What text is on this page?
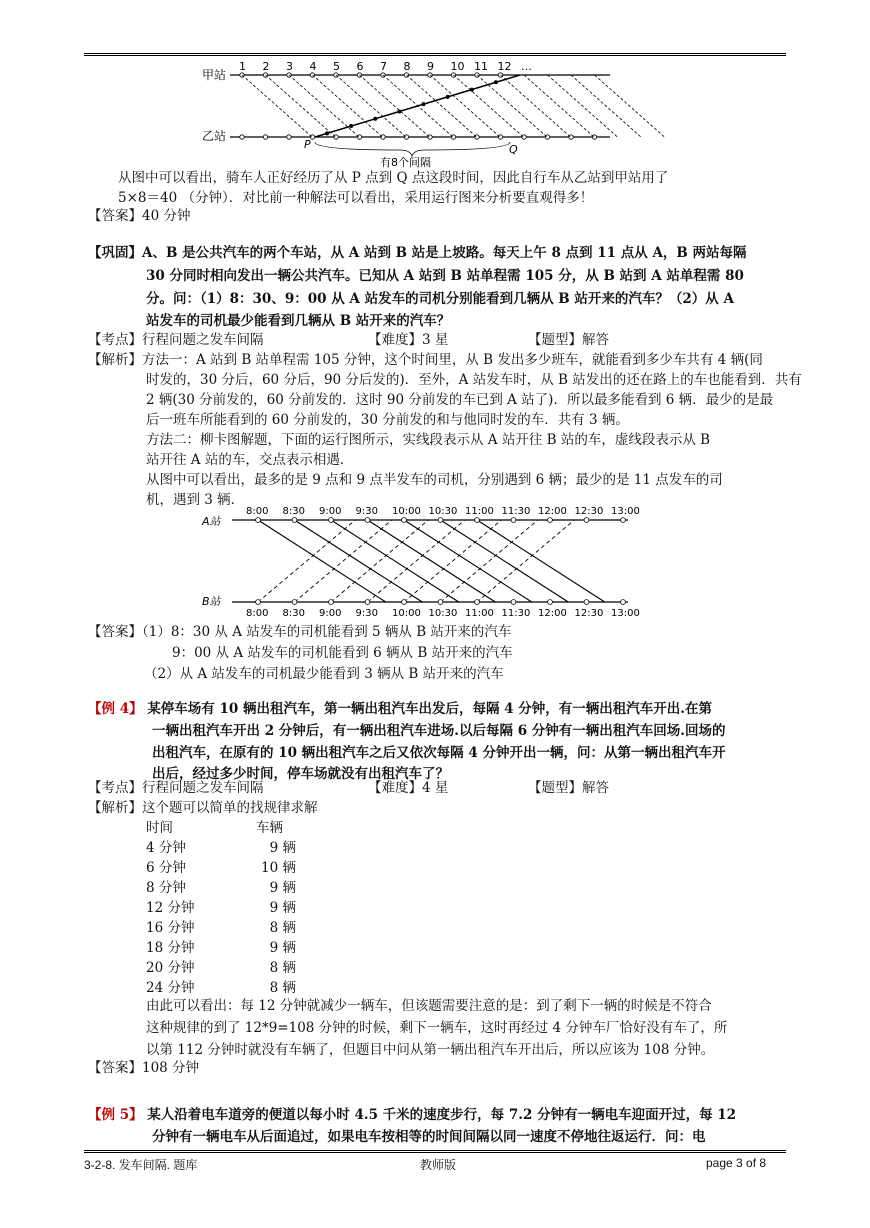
甲站
乙站
1 2 3 4 5 6 7 8 9 10 11 12 …
P	Q
有8个间隔
从图中可以看出，骑车人正好经历了从 P 点到 Q 点这段时间，因此自行车从乙站到甲站用了
5×8＝40 （分钟）．对比前一种解法可以看出，采用运行图来分析要直观得多！
【答案】40 分钟
【巩固】A、B 是公共汽车的两个车站，从 A 站到 B 站是上坡路。每天上午 8 点到 11 点从 A，B 两站每隔
30 分同时相向发出一辆公共汽车。已知从 A 站到 B 站单程需 105 分，从 B 站到 A 站单程需 80
分。问：（1）8：30、9：00 从 A 站发车的司机分别能看到几辆从 B 站开来的汽车？（2）从 A
站发车的司机最少能看到几辆从 B 站开来的汽车？
【考点】行程问题之发车间隔	【难度】3 星	【题型】解答
【解析】方法一：A 站到 B 站单程需 105 分钟，这个时间里，从 B 发出多少班车，就能看到多少车共有 4 辆(同
时发的，30 分后，60 分后，90 分后发的)．至外，A 站发车时，从 B 站发出的还在路上的车也能看到．共有
2 辆(30 分前发的，60 分前发的．这时 90 分前发的车已到 A 站了)．所以最多能看到 6 辆．最少的是最
后一班车所能看到的 60 分前发的，30 分前发的和与他同时发的车．共有 3 辆。
方法二：柳卡图解题，下面的运行图所示，实线段表示从 A 站开往 B 站的车，虚线段表示从 B
站开往 A 站的车，交点表示相遇．
从图中可以看出，最多的是 9 点和 9 点半发车的司机，分别遇到 6 辆；最少的是 11 点发车的司
机，遇到 3 辆．
A站
B站
8:00 8:30 9:00 9:30 10:00 10:30 11:00 11:30 12:00 12:30 13:00
8:00 8:30 9:00 9:30 10:00 10:30 11:00 11:30 12:00 12:30 13:00
【答案】（1）8：30 从 A 站发车的司机能看到 5 辆从 B 站开来的汽车
9：00 从 A 站发车的司机能看到 6 辆从 B 站开来的汽车
（2）从 A 站发车的司机最少能看到 3 辆从 B 站开来的汽车
【例 4】 某停车场有 10 辆出租汽车，第一辆出租汽车出发后，每隔 4 分钟，有一辆出租汽车开出.在第
一辆出租汽车开出 2 分钟后，有一辆出租汽车进场.以后每隔 6 分钟有一辆出租汽车回场.回场的
出租汽车，在原有的 10 辆出租汽车之后又依次每隔 4 分钟开出一辆，问：从第一辆出租汽车开
出后，经过多少时间，停车场就没有出租汽车了？
【考点】行程问题之发车间隔	【难度】4 星	【题型】解答
【解析】这个题可以简单的找规律求解
时间	车辆
4 分钟	9 辆
6 分钟	10 辆
8 分钟	9 辆
12 分钟	9 辆
16 分钟	8 辆
18 分钟	9 辆
20 分钟	8 辆
24 分钟	8 辆
由此可以看出：每 12 分钟就减少一辆车，但该题需要注意的是：到了剩下一辆的时候是不符合
这种规律的到了 12*9=108 分钟的时候，剩下一辆车，这时再经过 4 分钟车厂恰好没有车了，所
以第 112 分钟时就没有车辆了，但题目中问从第一辆出租汽车开出后，所以应该为 108 分钟。
【答案】108 分钟
【例 5】 某人沿着电车道旁的便道以每小时 4.5 千米的速度步行，每 7.2 分钟有一辆电车迎面开过，每 12
分钟有一辆电车从后面追过，如果电车按相等的时间间隔以同一速度不停地往返运行．问：电
3-2-8. 发车间隔. 题库	教师版	page 3 of 8
